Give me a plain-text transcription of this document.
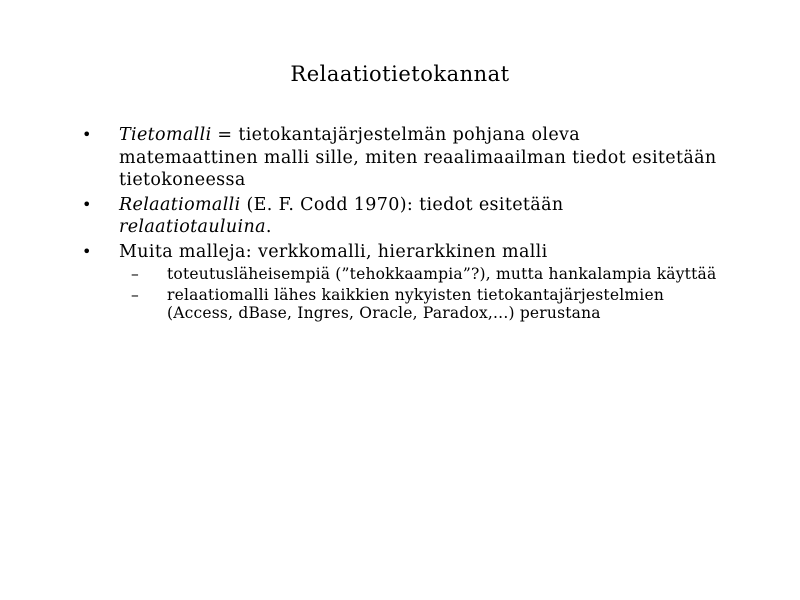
Relaatiotietokannat
• Tietomalli = tietokantajärjestelmän pohjana oleva matemaattinen malli sille, miten reaalimaailman tiedot esitetään tietokoneessa
• Relaatiomalli (E. F. Codd 1970): tiedot esitetään relaatiotauluina.
• Muita malleja: verkkomalli, hierarkkinen malli
– toteutusläheisempiä (”tehokkaampia”?), mutta hankalampia käyttää
– relaatiomalli lähes kaikkien nykyisten tietokantajärjestelmien (Access, dBase, Ingres, Oracle, Paradox,...) perustana
